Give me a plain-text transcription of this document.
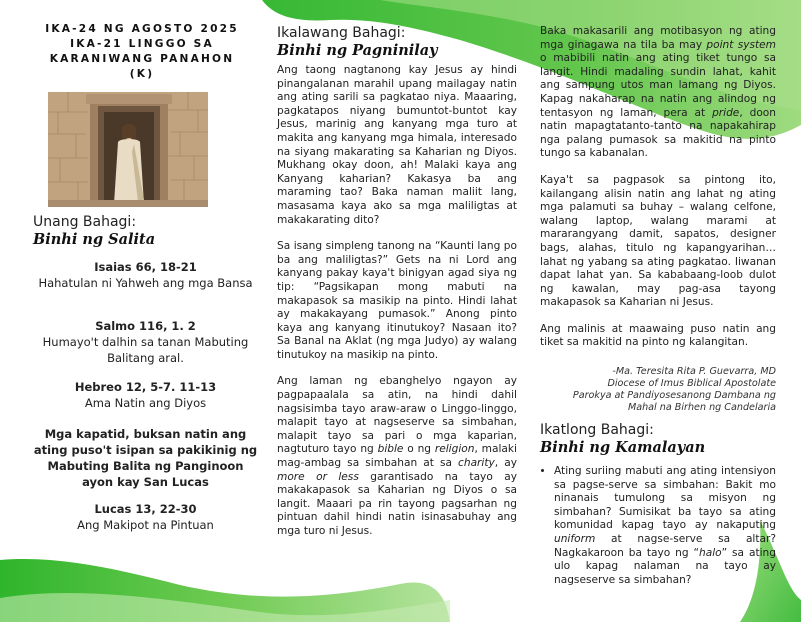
IKA-24 NG AGOSTO 2025
IKA-21 LINGGO SA
KARANIWANG PANAHON
(K)
Unang Bahagi:
Binhi ng Salita
Isaias 66, 18-21
Hahatulan ni Yahweh ang mga Bansa
Salmo 116, 1. 2
Humayo't dalhin sa tanan Mabuting Balitang aral.
Hebreo 12, 5-7. 11-13
Ama Natin ang Diyos
Mga kapatid, buksan natin ang ating puso't isipan sa pakikinig ng Mabuting Balita ng Panginoon ayon kay San Lucas
Lucas 13, 22-30
Ang Makipot na Pintuan
Ikalawang Bahagi:
Binhi ng Pagninilay

Ang taong nagtanong kay Jesus ay hindi pinangalanan marahil upang mailagay natin ang ating sarili sa pagkatao niya. Maaaring, pagkatapos niyang bumuntot-buntot kay Jesus, marinig ang kanyang mga turo at makita ang kanyang mga himala, interesado na siyang makarating sa Kaharian ng Diyos. Mukhang okay doon, ah! Malaki kaya ang Kanyang kaharian? Kakasya ba ang maraming tao? Baka naman maliit lang, masasama kaya ako sa mga maliligtas at makakarating dito?

Sa isang simpleng tanong na “Kaunti lang po ba ang maliligtas?” Gets na ni Lord ang kanyang pakay kaya't binigyan agad siya ng tip: “Pagsikapan mong mabuti na makapasok sa masikip na pinto. Hindi lahat ay makakayang pumasok.” Anong pinto kaya ang kanyang itinutukoy? Nasaan ito? Sa Banal na Aklat (ng mga Judyo) ay walang tinutukoy na masikip na pinto.

Ang laman ng ebanghelyo ngayon ay pagpapaalala sa atin, na hindi dahil nagsisimba tayo araw-araw o Linggo-linggo, malapit tayo at nagseserve sa simbahan, malapit tayo sa pari o mga kaparian, nagtuturo tayo ng bible o ng religion, malaki mag-ambag sa simbahan at sa charity, ay more or less garantisado na tayo ay makakapasok sa Kaharian ng Diyos o sa langit. Maaari pa rin tayong pagsarhan ng pintuan dahil hindi natin isinasabuhay ang mga turo ni Jesus.

Baka makasarili ang motibasyon ng ating mga ginagawa na tila ba may point system o mabibili natin ang ating tiket tungo sa langit. Hindi madaling sundin lahat, kahit ang sampung utos man lamang ng Diyos. Kapag nakaharap na natin ang alindog ng tentasyon ng laman, pera at pride, doon natin mapagtatanto-tanto na napakahirap nga palang pumasok sa makitid na pinto tungo sa kabanalan.

Kaya't sa pagpasok sa pintong ito, kailangang alisin natin ang lahat ng ating mga palamuti sa buhay – walang celfone, walang laptop, walang marami at mararangyang damit, sapatos, designer bags, alahas, titulo ng kapangyarihan… lahat ng yabang sa ating pagkatao. Iiwanan dapat lahat yan. Sa kababaang-loob dulot ng kawalan, may pag-asa tayong makapasok sa Kaharian ni Jesus.

Ang malinis at maawaing puso natin ang tiket sa makitid na pinto ng kalangitan.

-Ma. Teresita Rita P. Guevarra, MD
Diocese of Imus Biblical Apostolate
Parokya at Pandiyosesanong Dambana ng
Mahal na Birhen ng Candelaria
Ikatlong Bahagi:
Binhi ng Kamalayan
• Ating suriing mabuti ang ating intensiyon sa pagse-serve sa simbahan: Bakit mo ninanais tumulong sa misyon ng simbahan? Sumisikat ba tayo sa ating komunidad kapag tayo ay nakaputing uniform at nagse-serve sa altar? Nagkakaroon ba tayo ng “halo” sa ating ulo kapag nalaman na tayo ay nagseserve sa simbahan?
